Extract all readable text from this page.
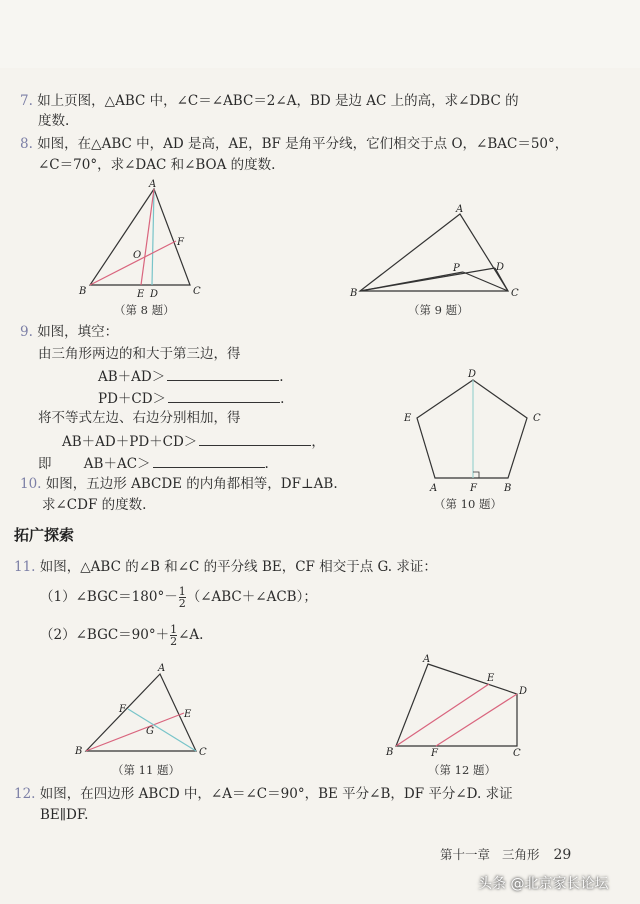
7. 如上页图，△ABC 中，∠C＝∠ABC＝2∠A，BD 是边 AC 上的高，求∠DBC 的
度数.
8. 如图，在△ABC 中，AD 是高，AE，BF 是角平分线，它们相交于点 O，∠BAC＝50°，
∠C＝70°，求∠DAC 和∠BOA 的度数.
9. 如图，填空：
由三角形两边的和大于第三边，得
AB＋AD＞	.
PD＋CD＞	.
将不等式左边、右边分别相加，得
AB＋AD＋PD＋CD＞	，
即 AB＋AC＞	.
10. 如图，五边形 ABCDE 的内角都相等，DF⊥AB.
求∠CDF 的度数.
拓广探索
11. 如图，△ABC 的∠B 和∠C 的平分线 BE，CF 相交于点 G. 求证：
（1）∠BGC＝180°－ $\frac{1}{2}$ （∠ABC＋∠ACB）；
（2）∠BGC＝90°＋ $\frac{1}{2}$ ∠A.
12. 如图，在四边形 ABCD 中，∠A＝∠C＝90°，BE 平分∠B，DF 平分∠D. 求证
BE∥DF.
A
B	C
D
E
F
O
A
B	C
D
P
D
C
E
A	F	B
A
B	C
E
F
G
A
B	C
D
E
F
（第 8 题）	（第 9 题）
（第 10 题）
（第 11 题）	（第 12 题）
第十一章 三角形 29
头条 @北京家长论坛
